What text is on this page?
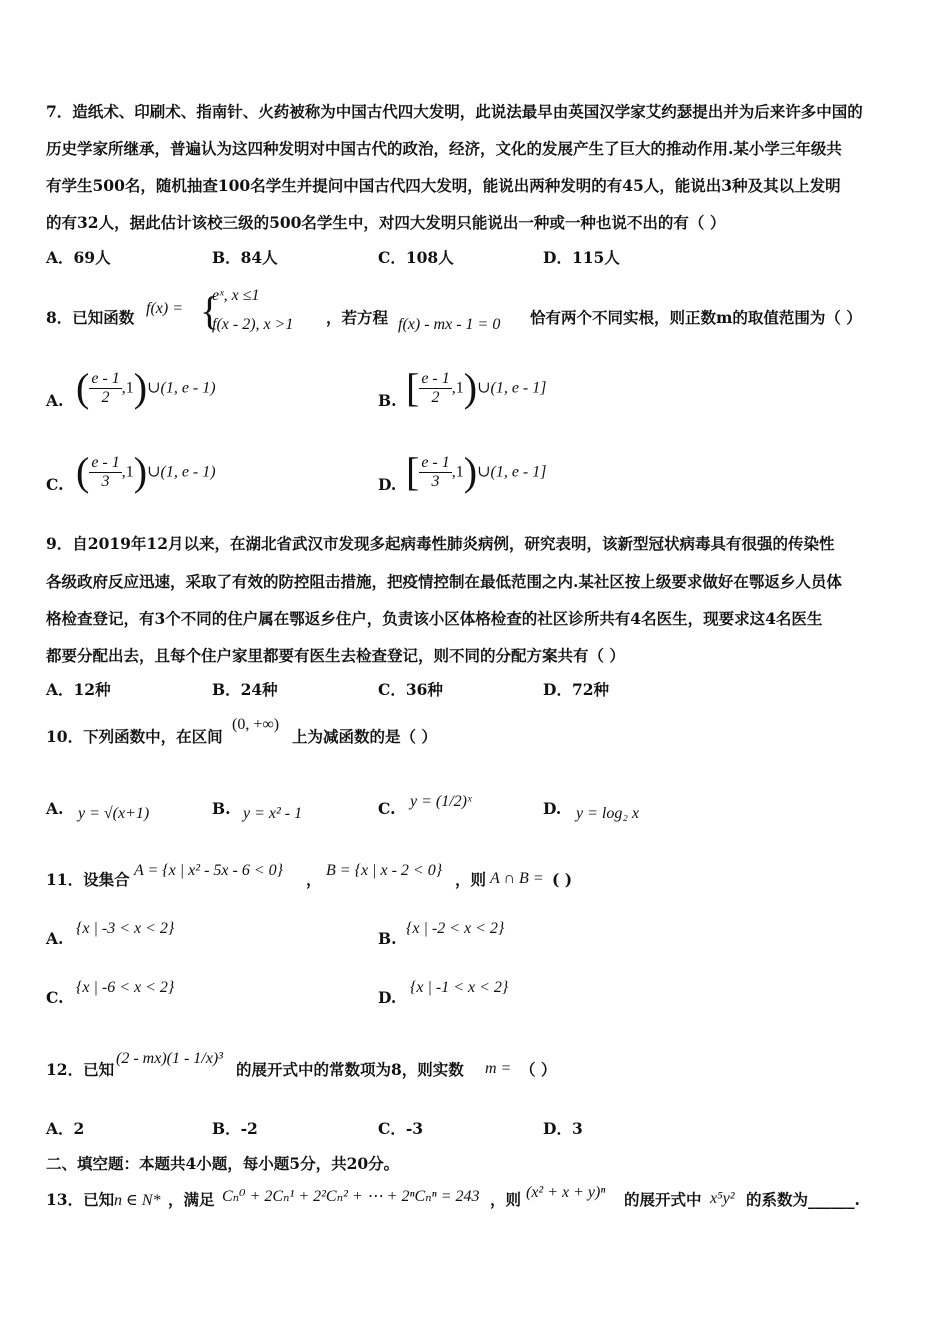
7．造纸术、印刷术、指南针、火药被称为中国古代四大发明，此说法最早由英国汉学家艾约瑟提出并为后来许多中国的
历史学家所继承，普遍认为这四种发明对中国古代的政治，经济，文化的发展产生了巨大的推动作用.某小学三年级共
有学生500名，随机抽查100名学生并提问中国古代四大发明，能说出两种发明的有45人，能说出3种及其以上发明
的有32人，据此估计该校三级的500名学生中，对四大发明只能说出一种或一种也说不出的有（ ）
A．69人	B．84人	C．108人	D．115人
8．已知函数 f(x) = {
eˣ, x ≤1
f(x - 2), x >1 ，若方程 f(x) - mx - 1 = 0 恰有两个不同实根，则正数m的取值范围为（ ）
A. ( $\frac{e - 1}{2}$ ,1)∪(1, e - 1)
B. [ $\frac{e - 1}{2}$ ,1)∪(1, e - 1]
C. ( $\frac{e - 1}{3}$ ,1)∪(1, e - 1)
D. [ $\frac{e - 1}{3}$ ,1)∪(1, e - 1]
9．自2019年12月以来，在湖北省武汉市发现多起病毒性肺炎病例，研究表明，该新型冠状病毒具有很强的传染性
各级政府反应迅速，采取了有效的防控阻击措施，把疫情控制在最低范围之内.某社区按上级要求做好在鄂返乡人员体
格检查登记，有3个不同的住户属在鄂返乡住户，负责该小区体格检查的社区诊所共有4名医生，现要求这4名医生
都要分配出去，且每个住户家里都要有医生去检查登记，则不同的分配方案共有（ ）
A．12种	B．24种	C．36种	D．72种
10．下列函数中，在区间
(0, +∞)
上为减函数的是（ ）
A. y = √(x+1)	B. y = x² - 1	C. y = (1/2)ˣ	D. y = log₂ x
11．设集合 A = {x | x² - 5x - 6 < 0} ， B = {x | x - 2 < 0} ，则 A ∩ B = ( )
A.
{x | -3 < x < 2}
B.
{x | -2 < x < 2}
C.
{x | -6 < x < 2}
D.
{x | -1 < x < 2}
12．已知
(2 - mx)(1 - 1/x)³
的展开式中的常数项为8，则实数 m = （ ）
A．2	B．-2	C．-3	D．3
二、填空题：本题共4小题，每小题5分，共20分。
13．已知 n ∈ N* ，满足 Cₙ⁰ + 2Cₙ¹ + 2²Cₙ² + ⋯ + 2ⁿCₙⁿ = 243 ，则 (x² + x + y)ⁿ 的展开式中 x⁵y² 的系数为______.
